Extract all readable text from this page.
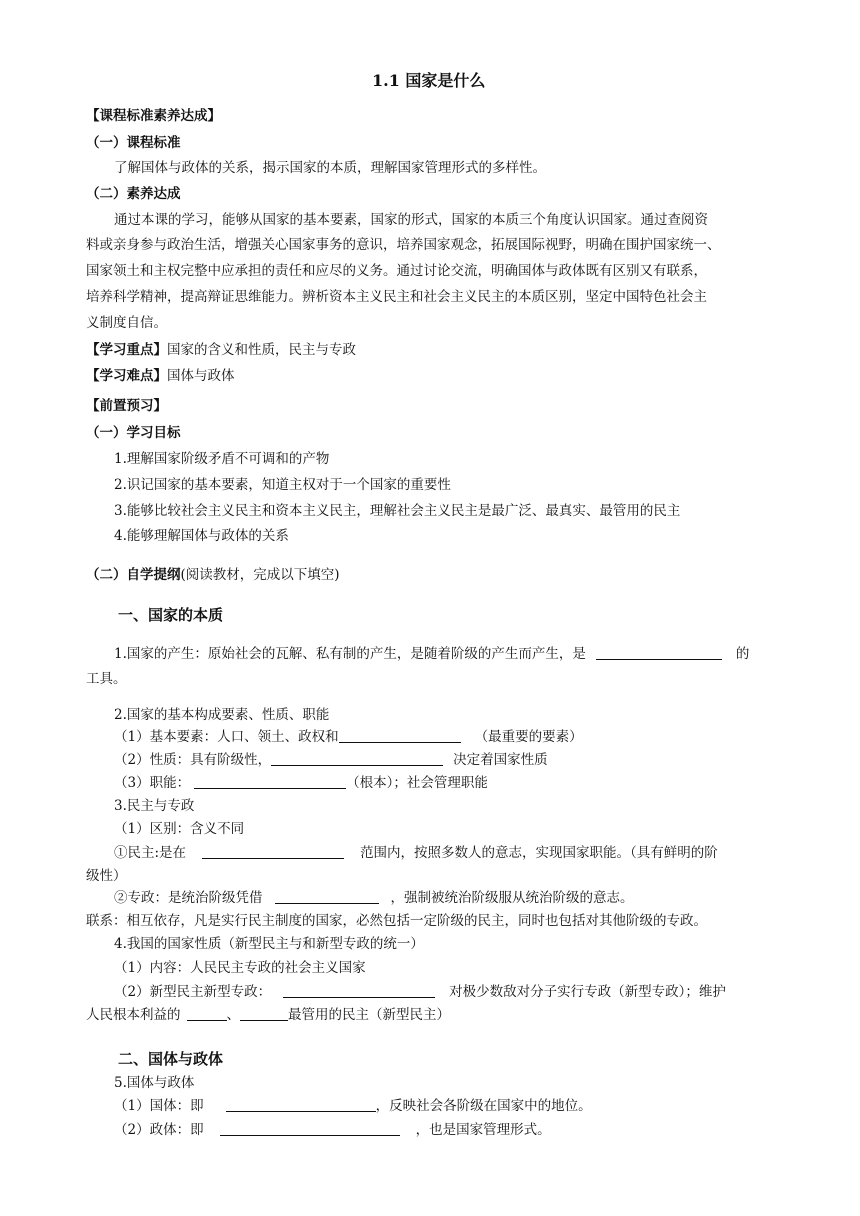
1.1 国家是什么
【课程标准素养达成】
（一）课程标准
了解国体与政体的关系，揭示国家的本质，理解国家管理形式的多样性。
（二）素养达成
通过本课的学习，能够从国家的基本要素，国家的形式，国家的本质三个角度认识国家。通过查阅资
料或亲身参与政治生活，增强关心国家事务的意识，培养国家观念，拓展国际视野，明确在围护国家统一、
国家领土和主权完整中应承担的责任和应尽的义务。通过讨论交流，明确国体与政体既有区别又有联系，
培养科学精神，提高辩证思维能力。辨析资本主义民主和社会主义民主的本质区别，坚定中国特色社会主
义制度自信。
【学习重点】国家的含义和性质，民主与专政
【学习难点】国体与政体
【前置预习】
（一）学习目标
1.理解国家阶级矛盾不可调和的产物
2.识记国家的基本要素，知道主权对于一个国家的重要性
3.能够比较社会主义民主和资本主义民主，理解社会主义民主是最广泛、最真实、最管用的民主
4.能够理解国体与政体的关系
（二）自学提纲(阅读教材，完成以下填空)
一、国家的本质
1.国家的产生：原始社会的瓦解、私有制的产生，是随着阶级的产生而产生，是	的
工具。
2.国家的基本构成要素、性质、职能
（1）基本要素：人口、领土、政权和	（最重要的要素）
（2）性质：具有阶级性，	决定着国家性质
（3）职能：	（根本）；社会管理职能
3.民主与专政
（1）区别：含义不同
①民主:是在	范围内，按照多数人的意志，实现国家职能。（具有鲜明的阶
级性）
②专政：是统治阶级凭借	，强制被统治阶级服从统治阶级的意志。
联系：相互依存，凡是实行民主制度的国家，必然包括一定阶级的民主，同时也包括对其他阶级的专政。
4.我国的国家性质（新型民主与和新型专政的统一）
（1）内容：人民民主专政的社会主义国家
（2）新型民主新型专政：	对极少数敌对分子实行专政（新型专政）；维护
人民根本利益的	、	最管用的民主（新型民主）
二、国体与政体
5.国体与政体
（1）国体：即	，反映社会各阶级在国家中的地位。
（2）政体：即	，也是国家管理形式。
